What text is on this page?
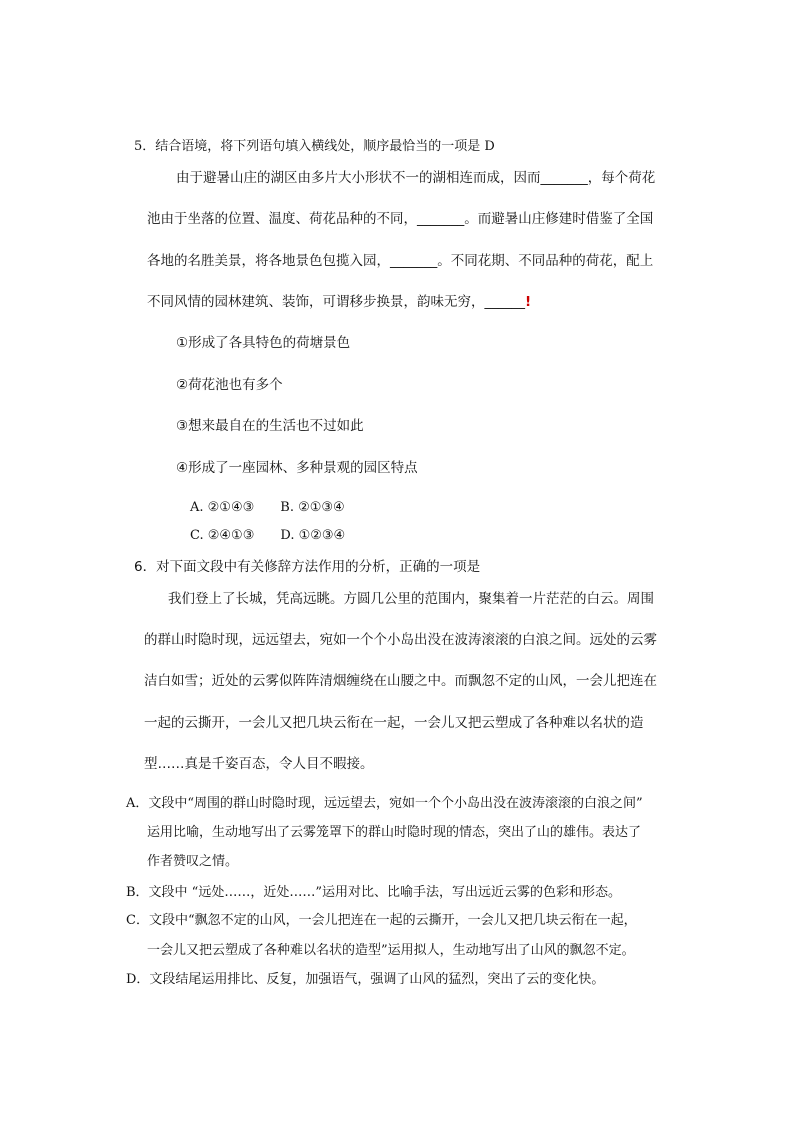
5．结合语境，将下列语句填入横线处，顺序最恰当的一项是 D
由于避暑山庄的湖区由多片大小形状不一的湖相连而成，因而_______，每个荷花
池由于坐落的位置、温度、荷花品种的不同，_______。而避暑山庄修建时借鉴了全国
各地的名胜美景，将各地景色包揽入园，_______。不同花期、不同品种的荷花，配上
不同风情的园林建筑、装饰，可谓移步换景，韵味无穷，______!
①形成了各具特色的荷塘景色
②荷花池也有多个
③想来最自在的生活也不过如此
④形成了一座园林、多种景观的园区特点
A. ②①④③ B. ②①③④
C. ②④①③ D. ①②③④
6．对下面文段中有关修辞方法作用的分析，正确的一项是
我们登上了长城，凭高远眺。方圆几公里的范围内，聚集着一片茫茫的白云。周围
的群山时隐时现，远远望去，宛如一个个小岛出没在波涛滚滚的白浪之间。远处的云雾
洁白如雪；近处的云雾似阵阵清烟缠绕在山腰之中。而飘忽不定的山风，一会儿把连在
一起的云撕开，一会儿又把几块云衔在一起，一会儿又把云塑成了各种难以名状的造
型……真是千姿百态，令人目不暇接。
A．文段中“周围的群山时隐时现，远远望去，宛如一个个小岛出没在波涛滚滚的白浪之间”
运用比喻，生动地写出了云雾笼罩下的群山时隐时现的情态，突出了山的雄伟。表达了
作者赞叹之情。
B．文段中 “远处……，近处……”运用对比、比喻手法，写出远近云雾的色彩和形态。
C．文段中“飘忽不定的山风，一会儿把连在一起的云撕开，一会儿又把几块云衔在一起，
一会儿又把云塑成了各种难以名状的造型”运用拟人，生动地写出了山风的飘忽不定。
D．文段结尾运用排比、反复，加强语气，强调了山风的猛烈，突出了云的变化快。
